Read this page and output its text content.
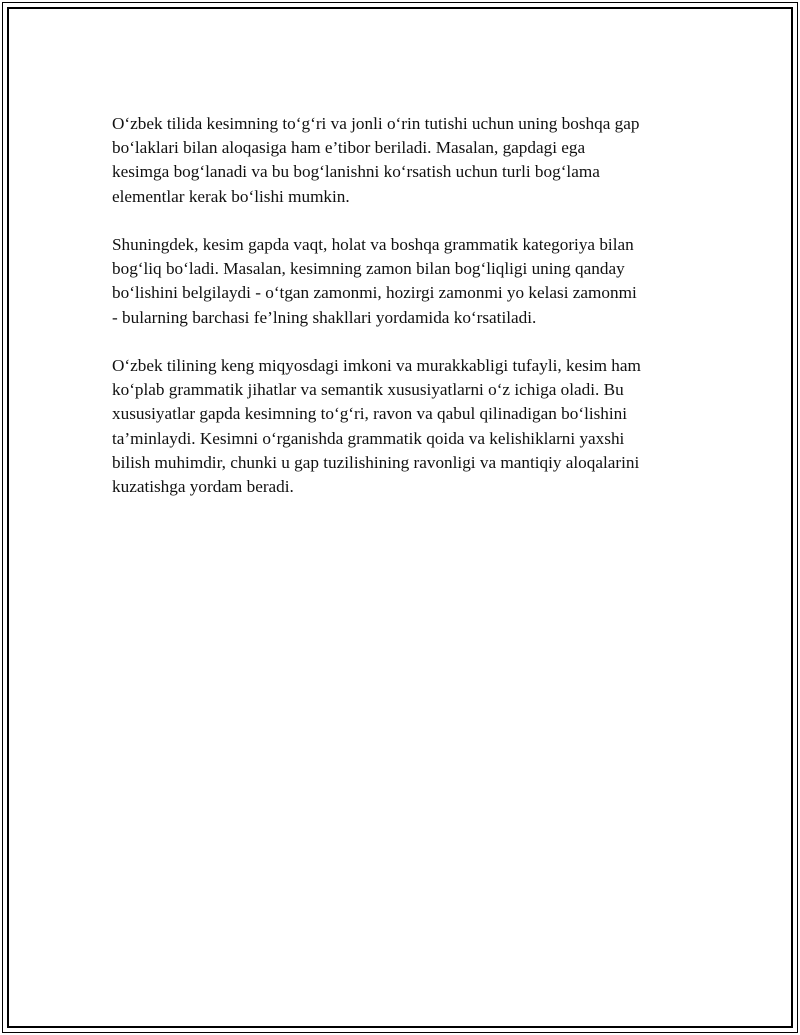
O‘zbek tilida kesimning to‘g‘ri va jonli o‘rin tutishi uchun uning boshqa gap
bo‘laklari bilan aloqasiga ham e’tibor beriladi. Masalan, gapdagi ega
kesimga bog‘lanadi va bu bog‘lanishni ko‘rsatish uchun turli bog‘lama
elementlar kerak bo‘lishi mumkin.

Shuningdek, kesim gapda vaqt, holat va boshqa grammatik kategoriya bilan
bog‘liq bo‘ladi. Masalan, kesimning zamon bilan bog‘liqligi uning qanday
bo‘lishini belgilaydi - o‘tgan zamonmi, hozirgi zamonmi yo kelasi zamonmi
- bularning barchasi fe’lning shakllari yordamida ko‘rsatiladi.

O‘zbek tilining keng miqyosdagi imkoni va murakkabligi tufayli, kesim ham
ko‘plab grammatik jihatlar va semantik xususiyatlarni o‘z ichiga oladi. Bu
xususiyatlar gapda kesimning to‘g‘ri, ravon va qabul qilinadigan bo‘lishini
ta’minlaydi. Kesimni o‘rganishda grammatik qoida va kelishiklarni yaxshi
bilish muhimdir, chunki u gap tuzilishining ravonligi va mantiqiy aloqalarini
kuzatishga yordam beradi.
